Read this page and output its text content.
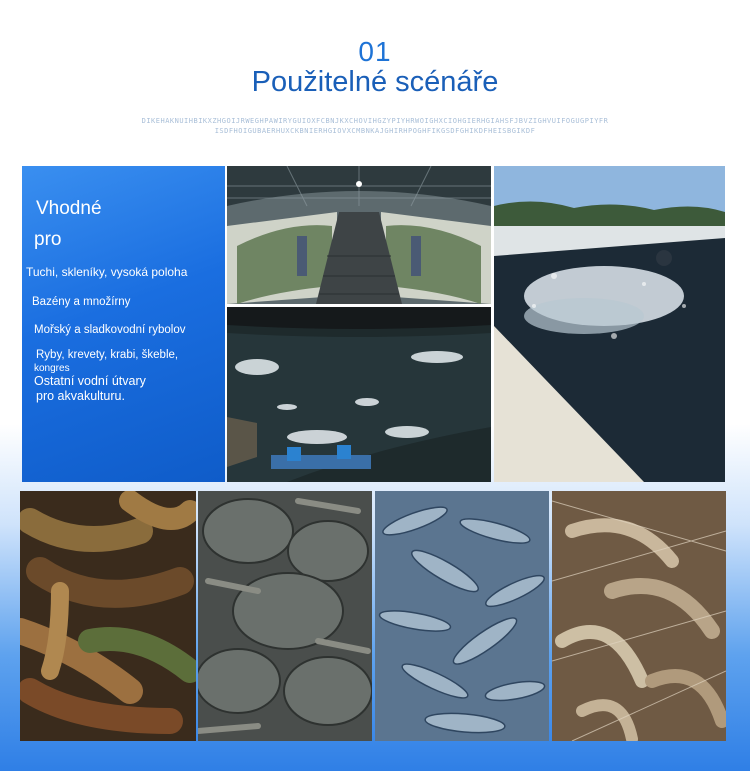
01
Použitelné scénáře
DIKEHAKNUIHBIKXZHGOIJRWEGHPAWIRYGUIOXFCBNJKXCHOVIHGZYPIYHRWOIGHXCIOHGIERHGIAHSFJBVZIGHVUIFOGUGPIYFRISDFHOIGUBAERHUXCKBNIERHGIOVXCMBNKAJGHIRHPOGHFIKGSDFGHIKDFHEISBGIKDF
Vhodné
pro
Tuchi, skleníky, vysoká poloha
Bazény a množírny
Mořský a sladkovodní rybolov
Ryby, krevety, krabi, škeble,
kongres
Ostatní vodní útvary
pro akvakulturu.
